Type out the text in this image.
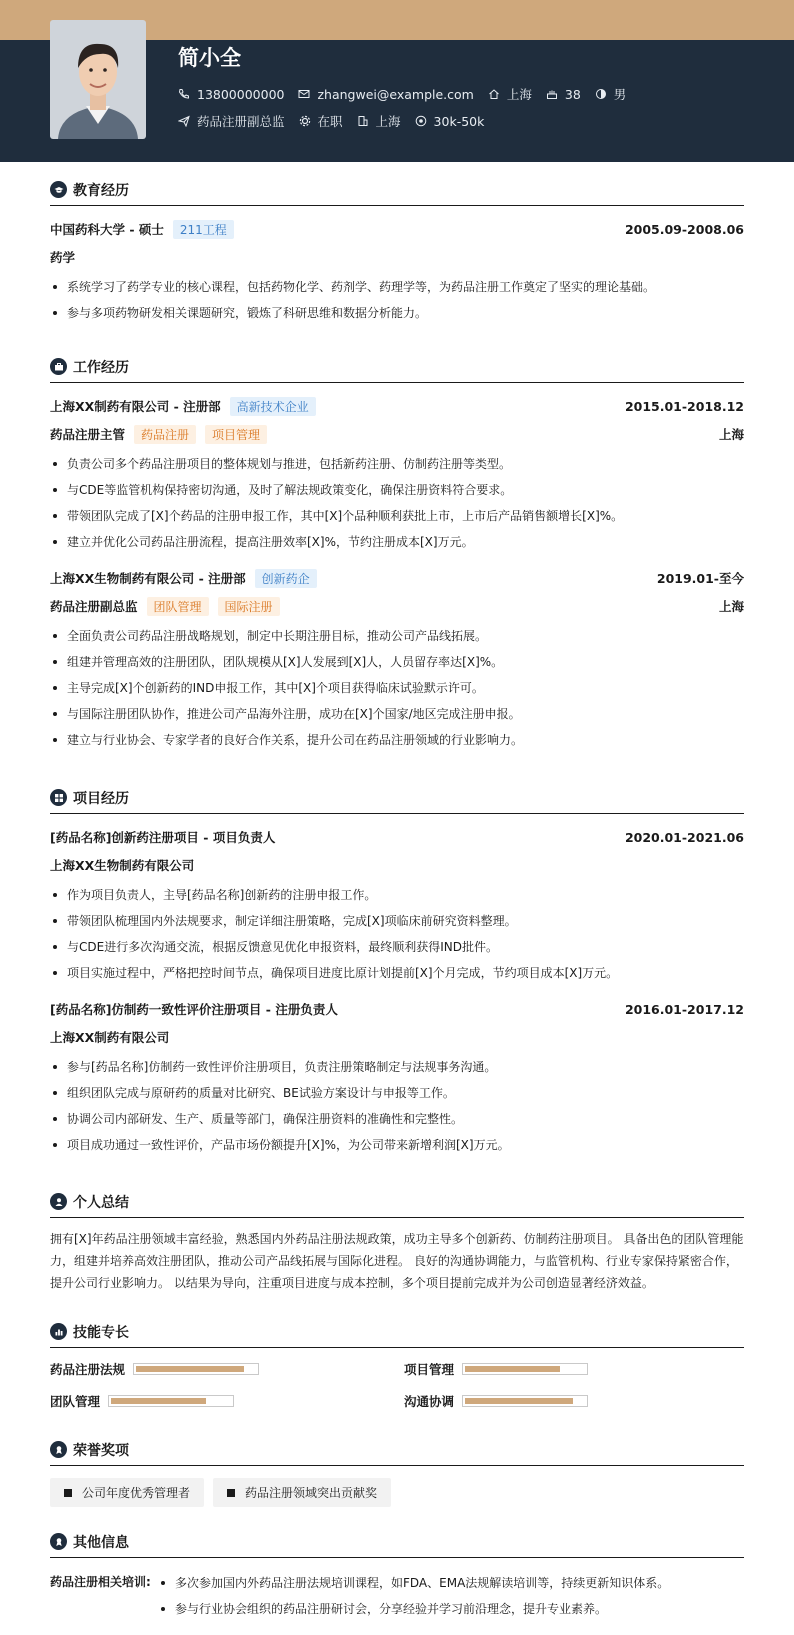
简小全
13800000000	zhangwei@example.com	上海	38	男
药品注册副总监	在职	上海	30k-50k
教育经历
中国药科大学 - 硕士	211工程	2005.09-2008.06
药学
系统学习了药学专业的核心课程，包括药物化学、药剂学、药理学等，为药品注册工作奠定了坚实的理论基础。
参与多项药物研发相关课题研究，锻炼了科研思维和数据分析能力。
工作经历
上海XX制药有限公司 - 注册部	高新技术企业	2015.01-2018.12
药品注册主管	药品注册	项目管理	上海
负责公司多个药品注册项目的整体规划与推进，包括新药注册、仿制药注册等类型。
与CDE等监管机构保持密切沟通，及时了解法规政策变化，确保注册资料符合要求。
带领团队完成了[X]个药品的注册申报工作，其中[X]个品种顺利获批上市，上市后产品销售额增长[X]%。
建立并优化公司药品注册流程，提高注册效率[X]%，节约注册成本[X]万元。
上海XX生物制药有限公司 - 注册部	创新药企	2019.01-至今
药品注册副总监	团队管理	国际注册	上海
全面负责公司药品注册战略规划，制定中长期注册目标，推动公司产品线拓展。
组建并管理高效的注册团队，团队规模从[X]人发展到[X]人，人员留存率达[X]%。
主导完成[X]个创新药的IND申报工作，其中[X]个项目获得临床试验默示许可。
与国际注册团队协作，推进公司产品海外注册，成功在[X]个国家/地区完成注册申报。
建立与行业协会、专家学者的良好合作关系，提升公司在药品注册领域的行业影响力。
项目经历
[药品名称]创新药注册项目 - 项目负责人	2020.01-2021.06
上海XX生物制药有限公司
作为项目负责人，主导[药品名称]创新药的注册申报工作。
带领团队梳理国内外法规要求，制定详细注册策略，完成[X]项临床前研究资料整理。
与CDE进行多次沟通交流，根据反馈意见优化申报资料，最终顺利获得IND批件。
项目实施过程中，严格把控时间节点，确保项目进度比原计划提前[X]个月完成，节约项目成本[X]万元。
[药品名称]仿制药一致性评价注册项目 - 注册负责人	2016.01-2017.12
上海XX制药有限公司
参与[药品名称]仿制药一致性评价注册项目，负责注册策略制定与法规事务沟通。
组织团队完成与原研药的质量对比研究、BE试验方案设计与申报等工作。
协调公司内部研发、生产、质量等部门，确保注册资料的准确性和完整性。
项目成功通过一致性评价，产品市场份额提升[X]%，为公司带来新增利润[X]万元。
个人总结

拥有[X]年药品注册领域丰富经验，熟悉国内外药品注册法规政策，成功主导多个创新药、仿制药注册项目。 具备出色的团队管理能力，组建并培养高效注册团队，推动公司产品线拓展与国际化进程。 良好的沟通协调能力，与监管机构、行业专家保持紧密合作，提升公司行业影响力。 以结果为导向，注重项目进度与成本控制，多个项目提前完成并为公司创造显著经济效益。

技能专长
药品注册法规	项目管理
团队管理	沟通协调
荣誉奖项
公司年度优秀管理者	药品注册领域突出贡献奖
其他信息
药品注册相关培训:	多次参加国内外药品注册法规培训课程，如FDA、EMA法规解读培训等，持续更新知识体系。
参与行业协会组织的药品注册研讨会，分享经验并学习前沿理念，提升专业素养。
